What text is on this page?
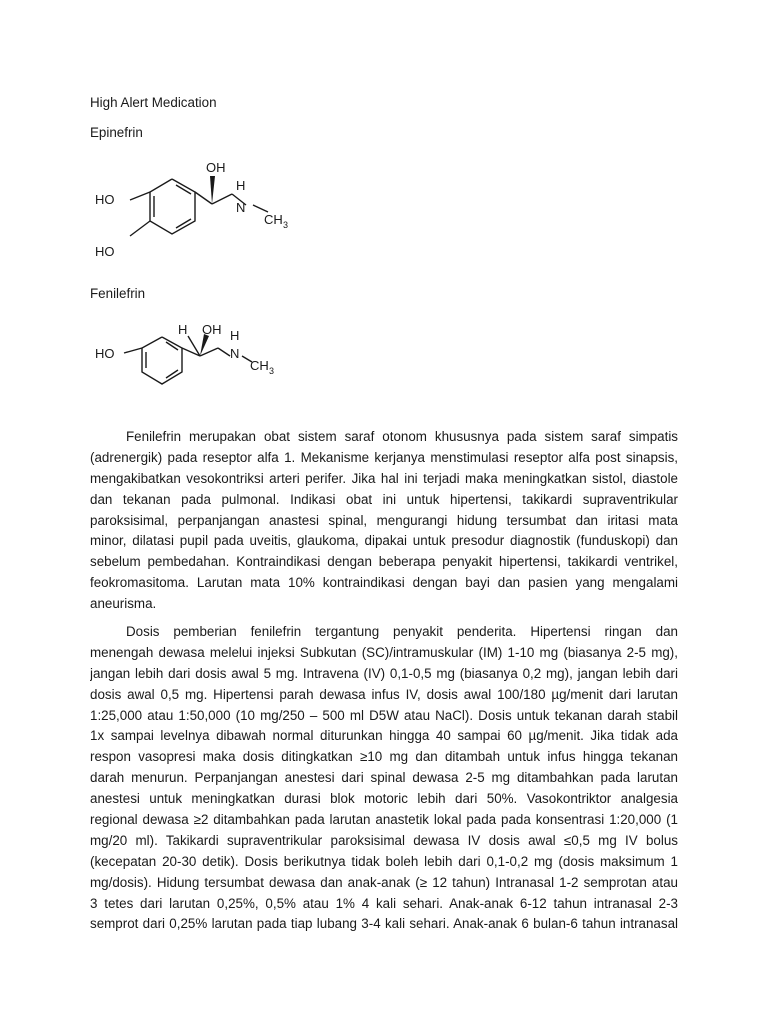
High Alert Medication
Epinefrin
OH
HO
HO
H
N
CH 3
Fenilefrin
H OH
HO
H
N
CH 3
Fenilefrin merupakan obat sistem saraf otonom khususnya pada sistem saraf simpatis
(adrenergik) pada reseptor alfa 1. Mekanisme kerjanya menstimulasi reseptor alfa post sinapsis,
mengakibatkan vesokontriksi arteri perifer. Jika hal ini terjadi maka meningkatkan sistol, diastole
dan tekanan pada pulmonal. Indikasi obat ini untuk hipertensi, takikardi supraventrikular
paroksisimal, perpanjangan anastesi spinal, mengurangi hidung tersumbat dan iritasi mata
minor, dilatasi pupil pada uveitis, glaukoma, dipakai untuk presodur diagnostik (funduskopi) dan
sebelum pembedahan. Kontraindikasi dengan beberapa penyakit hipertensi, takikardi ventrikel,
feokromasitoma. Larutan mata 10% kontraindikasi dengan bayi dan pasien yang mengalami
aneurisma.
Dosis pemberian fenilefrin tergantung penyakit penderita. Hipertensi ringan dan
menengah dewasa melelui injeksi Subkutan (SC)/intramuskular (IM) 1-10 mg (biasanya 2-5 mg),
jangan lebih dari dosis awal 5 mg. Intravena (IV) 0,1-0,5 mg (biasanya 0,2 mg), jangan lebih dari
dosis awal 0,5 mg. Hipertensi parah dewasa infus IV, dosis awal 100/180 µg/menit dari larutan
1:25,000 atau 1:50,000 (10 mg/250 – 500 ml D5W atau NaCl). Dosis untuk tekanan darah stabil
1x sampai levelnya dibawah normal diturunkan hingga 40 sampai 60 µg/menit. Jika tidak ada
respon vasopresi maka dosis ditingkatkan ≥10 mg dan ditambah untuk infus hingga tekanan
darah menurun. Perpanjangan anestesi dari spinal dewasa 2-5 mg ditambahkan pada larutan
anestesi untuk meningkatkan durasi blok motoric lebih dari 50%. Vasokontriktor analgesia
regional dewasa ≥2 ditambahkan pada larutan anastetik lokal pada pada konsentrasi 1:20,000 (1
mg/20 ml). Takikardi supraventrikular paroksisimal dewasa IV dosis awal ≤0,5 mg IV bolus
(kecepatan 20-30 detik). Dosis berikutnya tidak boleh lebih dari 0,1-0,2 mg (dosis maksimum 1
mg/dosis). Hidung tersumbat dewasa dan anak-anak (≥ 12 tahun) Intranasal 1-2 semprotan atau
3 tetes dari larutan 0,25%, 0,5% atau 1% 4 kali sehari. Anak-anak 6-12 tahun intranasal 2-3
semprot dari 0,25% larutan pada tiap lubang 3-4 kali sehari. Anak-anak 6 bulan-6 tahun intranasal
